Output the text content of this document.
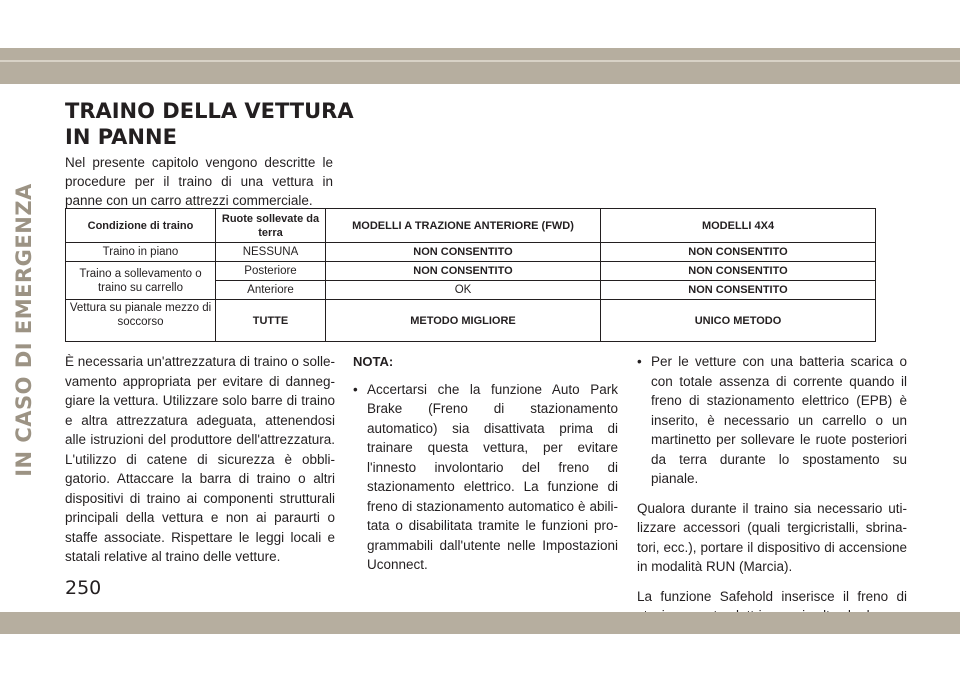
IN CASO DI EMERGENZA
TRAINO DELLA VETTURA
IN PANNE

Nel presente capitolo vengono descritte le procedure per il traino di una vettura in panne con un carro attrezzi commerciale.

Condizione di traino	Ruote sollevate da terra	MODELLI A TRAZIONE ANTERIORE (FWD)	MODELLI 4X4
Traino in piano	NESSUNA	NON CONSENTITO	NON CONSENTITO
Traino a sollevamento o traino su carrello	Posteriore	NON CONSENTITO	NON CONSENTITO
	Anteriore	OK	NON CONSENTITO
Vettura su pianale mezzo di soccorso	TUTTE	METODO MIGLIORE	UNICO METODO

È necessaria un'attrezzatura di traino o sollevamento appropriata per evitare di danneggiare la vettura. Utilizzare solo barre di traino e altra attrezzatura adeguata, attenendosi alle istruzioni del produttore dell'attrezzatura. L'utilizzo di catene di sicurezza è obbligatorio. Attaccare la barra di traino o altri dispositivi di traino ai componenti strutturali principali della vettura e non ai paraurti o staffe associate. Rispettare le leggi locali e statali relative al traino delle vetture.

NOTA:

• Accertarsi che la funzione Auto Park Brake (Freno di stazionamento automatico) sia disattivata prima di trainare questa vettura, per evitare l'innesto involontario del freno di stazionamento elettrico. La funzione di freno di stazionamento automatico è abilitata o disabilitata tramite le funzioni programmabili dall'utente nelle Impostazioni Uconnect.
• Per le vetture con una batteria scarica o con totale assenza di corrente quando il freno di stazionamento elettrico (EPB) è inserito, è necessario un carrello o un martinetto per sollevare le ruote posteriori da terra durante lo spostamento su pianale.

Qualora durante il traino sia necessario utilizzare accessori (quali tergicristalli, sbrinatori, ecc.), portare il dispositivo di accensione in modalità RUN (Marcia).

La funzione Safehold inserisce il freno di

250
